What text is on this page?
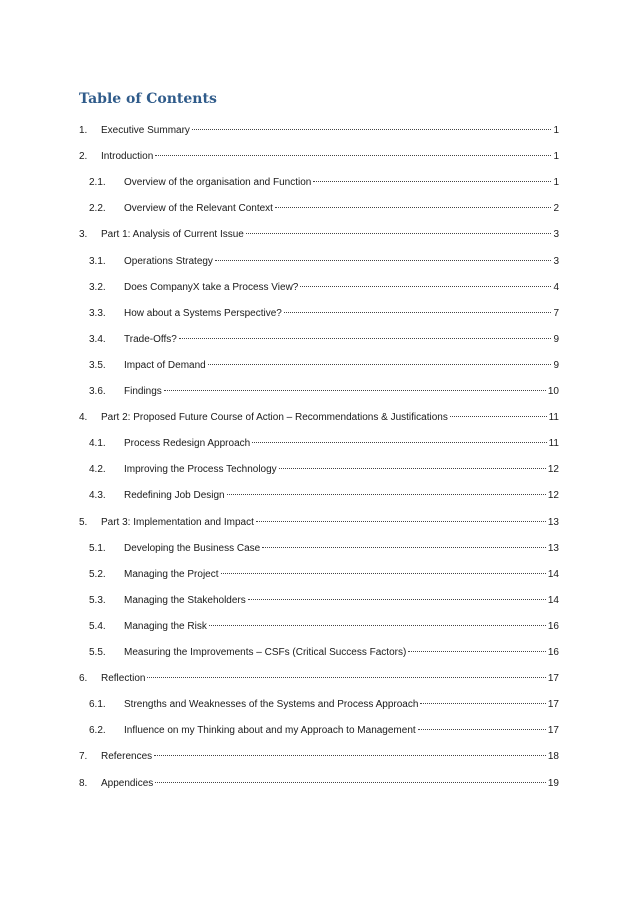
Table of Contents
1.	Executive Summary	1
2.	Introduction	1
2.1.	Overview of the organisation and Function	1
2.2.	Overview of the Relevant Context	2
3.	Part 1: Analysis of Current Issue	3
3.1.	Operations Strategy	3
3.2.	Does CompanyX take a Process View?	4
3.3.	How about a Systems Perspective?	7
3.4.	Trade-Offs?	9
3.5.	Impact of Demand	9
3.6.	Findings	10
4.	Part 2: Proposed Future Course of Action – Recommendations & Justifications	11
4.1.	Process Redesign Approach	11
4.2.	Improving the Process Technology	12
4.3.	Redefining Job Design	12
5.	Part 3: Implementation and Impact	13
5.1.	Developing the Business Case	13
5.2.	Managing the Project	14
5.3.	Managing the Stakeholders	14
5.4.	Managing the Risk	16
5.5.	Measuring the Improvements – CSFs (Critical Success Factors)	16
6.	Reflection	17
6.1.	Strengths and Weaknesses of the Systems and Process Approach	17
6.2.	Influence on my Thinking about and my Approach to Management	17
7.	References	18
8.	Appendices	19
